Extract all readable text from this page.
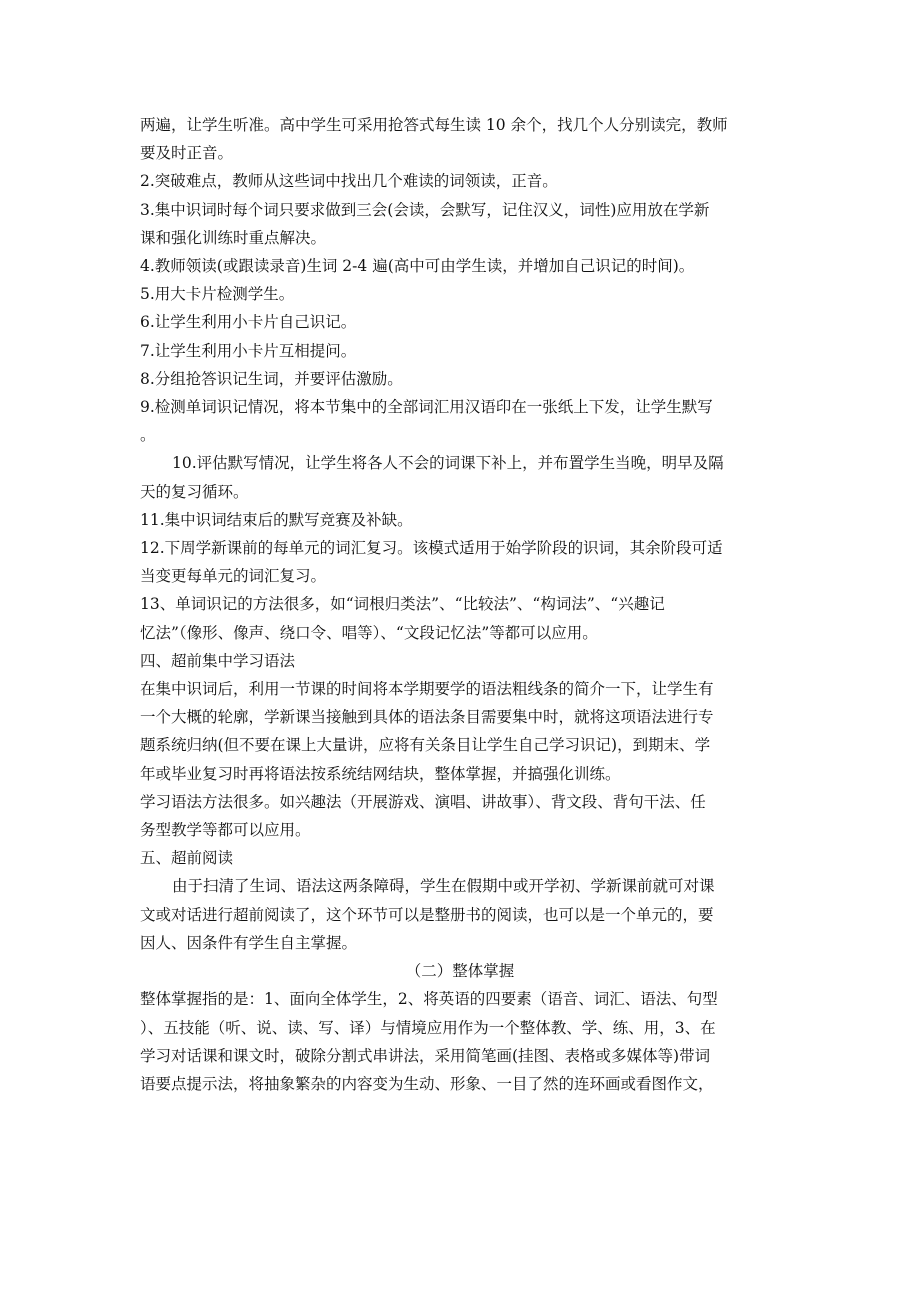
两遍，让学生听准。高中学生可采用抢答式每生读 10 余个，找几个人分别读完，教师

要及时正音。

2.突破难点，教师从这些词中找出几个难读的词领读，正音。

3.集中识词时每个词只要求做到三会(会读，会默写，记住汉义，词性)应用放在学新

课和强化训练时重点解决。

4.教师领读(或跟读录音)生词 2-4 遍(高中可由学生读，并增加自己识记的时间)。

5.用大卡片检测学生。

6.让学生利用小卡片自己识记。

7.让学生利用小卡片互相提问。

8.分组抢答识记生词，并要评估激励。

9.检测单词识记情况，将本节集中的全部词汇用汉语印在一张纸上下发，让学生默写

。

10.评估默写情况，让学生将各人不会的词课下补上，并布置学生当晚，明早及隔

天的复习循环。

11.集中识词结束后的默写竞赛及补缺。

12.下周学新课前的每单元的词汇复习。该模式适用于始学阶段的识词，其余阶段可适

当变更每单元的词汇复习。

13、单词识记的方法很多，如“词根归类法”、“比较法”、“构词法”、“兴趣记

忆法”（像形、像声、绕口令、唱等）、“文段记忆法”等都可以应用。

四、超前集中学习语法

在集中识词后，利用一节课的时间将本学期要学的语法粗线条的简介一下，让学生有

一个大概的轮廓，学新课当接触到具体的语法条目需要集中时，就将这项语法进行专

题系统归纳(但不要在课上大量讲，应将有关条目让学生自己学习识记)，到期末、学

年或毕业复习时再将语法按系统结网结块，整体掌握，并搞强化训练。

学习语法方法很多。如兴趣法（开展游戏、演唱、讲故事）、背文段、背句干法、任

务型教学等都可以应用。

五、超前阅读

由于扫清了生词、语法这两条障碍，学生在假期中或开学初、学新课前就可对课

文或对话进行超前阅读了，这个环节可以是整册书的阅读，也可以是一个单元的，要

因人、因条件有学生自主掌握。

（二）整体掌握

整体掌握指的是：1、面向全体学生，2、将英语的四要素（语音、词汇、语法、句型

）、五技能（听、说、读、写、译）与情境应用作为一个整体教、学、练、用，3、在

学习对话课和课文时，破除分割式串讲法，采用简笔画(挂图、表格或多媒体等)带词

语要点提示法，将抽象繁杂的内容变为生动、形象、一目了然的连环画或看图作文，
